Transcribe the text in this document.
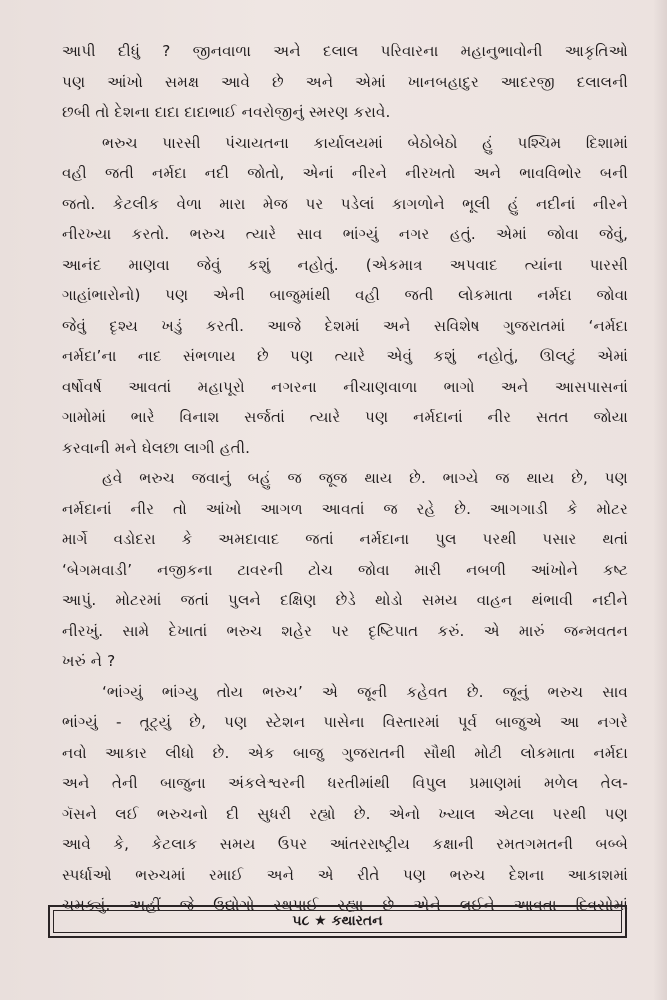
આપી દીધું ? જીનવાળા અને દલાલ પરિવારના મહાનુભાવોની આકૃતિઓ
પણ આંખો સમક્ષ આવે છે અને એમાં ખાનબહાદુર આદરજી દલાલની
છબી તો દેશના દાદા દાદાભાઈ નવરોજીનું સ્મરણ કરાવે.
ભરુચ પારસી પંચાયતના કાર્યાલયમાં બેઠોબેઠો હું પશ્ચિમ દિશામાં
વહી જતી નર્મદા નદી જોતો, એનાં નીરને નીરખતો અને ભાવવિભોર બની
જતો. કેટલીક વેળા મારા મેજ પર પડેલાં કાગળોને ભૂલી હું નદીનાં નીરને
નીરખ્યા કરતો. ભરુચ ત્યારે સાવ ભાંગ્યું નગર હતું. એમાં જોવા જેવું,
આનંદ માણવા જેવું કશું નહોતું. (એકમાત્ર અપવાદ ત્યાંના પારસી
ગાહાંભારોનો) પણ એની બાજુમાંથી વહી જતી લોકમાતા નર્મદા જોવા
જેવું દૃશ્ય ખડું કરતી. આજે દેશમાં અને સવિશેષ ગુજરાતમાં ‘નર્મદા
નર્મદા’ના નાદ સંભળાય છે પણ ત્યારે એવું કશું નહોતું, ઊલટું એમાં
વર્ષોવર્ષ આવતાં મહાપૂરો નગરના નીચાણવાળા ભાગો અને આસપાસનાં
ગામોમાં ભારે વિનાશ સર્જતાં ત્યારે પણ નર્મદાનાં નીર સતત જોયા
કરવાની મને ઘેલછા લાગી હતી.
હવે ભરુચ જવાનું બહું જ જૂજ થાય છે. ભાગ્યે જ થાય છે, પણ
નર્મદાનાં નીર તો આંખો આગળ આવતાં જ રહે છે. આગગાડી કે મોટર
માર્ગે વડોદરા કે અમદાવાદ જતાં નર્મદાના પુલ પરથી પસાર થતાં
‘બેગમવાડી’ નજીકના ટાવરની ટોચ જોવા મારી નબળી આંખોને કષ્ટ
આપું. મોટરમાં જતાં પુલને દક્ષિણ છેડે થોડો સમય વાહન થંભાવી નદીને
નીરખું. સામે દેખાતાં ભરુચ શહેર પર દૃષ્ટિપાત કરું. એ મારું જન્મવતન
ખરું ને ?
‘ભાંગ્યું ભાંગ્યુ તોય ભરુચ’ એ જૂની કહેવત છે. જૂનું ભરુચ સાવ
ભાંગ્યું - તૂટ્યું છે, પણ સ્ટેશન પાસેના વિસ્તારમાં પૂર્વ બાજુએ આ નગરે
નવો આકાર લીધો છે. એક બાજુ ગુજરાતની સૌથી મોટી લોકમાતા નર્મદા
અને તેની બાજુના અંકલેશ્વરની ધરતીમાંથી વિપુલ પ્રમાણમાં મળેલ તેલ-
ગૅસને લઈ ભરુચનો દી સુધરી રહ્યો છે. એનો ખ્યાલ એટલા પરથી પણ
આવે કે, કેટલાક સમય ઉપર આંતરરાષ્ટ્રીય કક્ષાની રમતગમતની બબ્બે
સ્પર્ધાઓ ભરુચમાં રમાઈ અને એ રીતે પણ ભરુચ દેશના આકાશમાં
ચમક્યું. અહીં જે ઉદ્યોગો સ્થપાઈ રહ્યા છે એને લઈને આવતા દિવસોમાં
૫૮ ★ કથારતન
